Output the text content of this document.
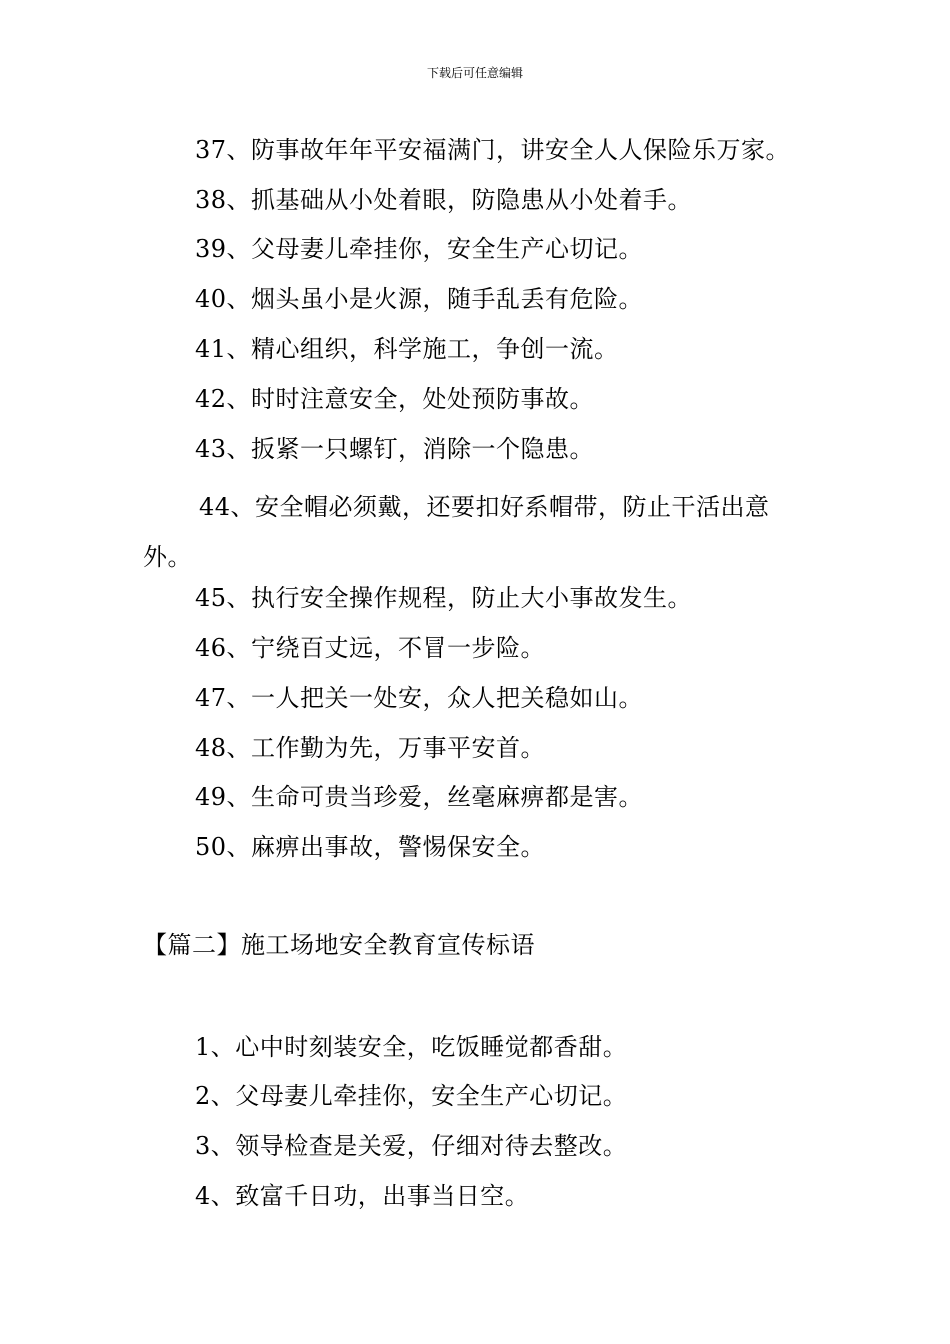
下载后可任意编辑
37、防事故年年平安福满门，讲安全人人保险乐万家。
38、抓基础从小处着眼，防隐患从小处着手。
39、父母妻儿牵挂你，安全生产心切记。
40、烟头虽小是火源，随手乱丢有危险。
41、精心组织，科学施工，争创一流。
42、时时注意安全，处处预防事故。
43、扳紧一只螺钉，消除一个隐患。
44、安全帽必须戴，还要扣好系帽带，防止干活出意外。
45、执行安全操作规程，防止大小事故发生。
46、宁绕百丈远，不冒一步险。
47、一人把关一处安，众人把关稳如山。
48、工作勤为先，万事平安首。
49、生命可贵当珍爱，丝毫麻痹都是害。
50、麻痹出事故，警惕保安全。
【篇二】施工场地安全教育宣传标语
1、心中时刻装安全，吃饭睡觉都香甜。
2、父母妻儿牵挂你，安全生产心切记。
3、领导检查是关爱，仔细对待去整改。
4、致富千日功，出事当日空。
